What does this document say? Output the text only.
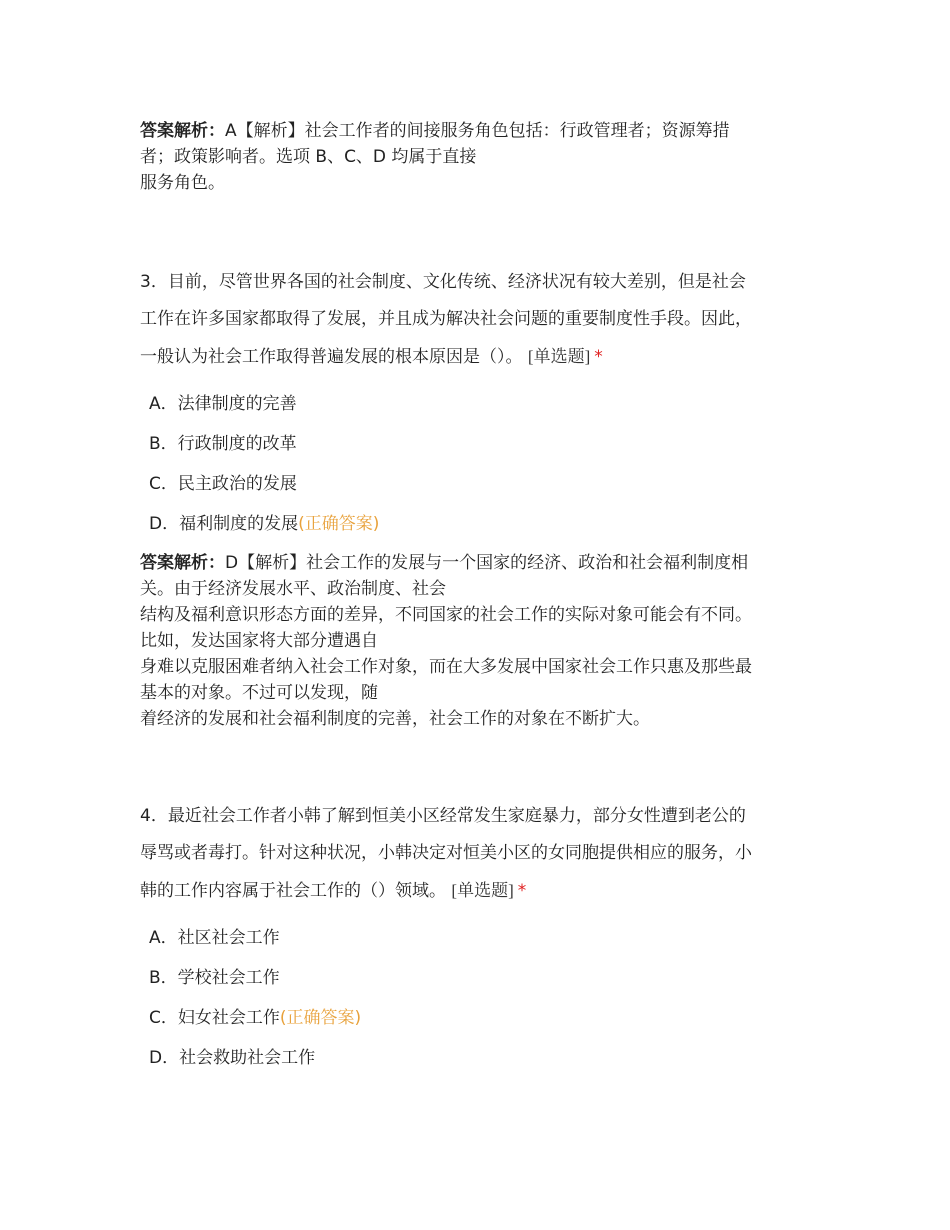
答案解析：A【解析】社会工作者的间接服务角色包括：行政管理者；资源筹措
者；政策影响者。选项 B、C、D 均属于直接
服务角色。
3．目前，尽管世界各国的社会制度、文化传统、经济状况有较大差别，但是社会
工作在许多国家都取得了发展，并且成为解决社会问题的重要制度性手段。因此，
一般认为社会工作取得普遍发展的根本原因是（）。 [单选题] *
A．法律制度的完善
B．行政制度的改革
C．民主政治的发展
D．福利制度的发展(正确答案)
答案解析：D【解析】社会工作的发展与一个国家的经济、政治和社会福利制度相
关。由于经济发展水平、政治制度、社会
结构及福利意识形态方面的差异，不同国家的社会工作的实际对象可能会有不同。
比如，发达国家将大部分遭遇自
身难以克服困难者纳入社会工作对象，而在大多发展中国家社会工作只惠及那些最
基本的对象。不过可以发现，随
着经济的发展和社会福利制度的完善，社会工作的对象在不断扩大。
4．最近社会工作者小韩了解到恒美小区经常发生家庭暴力，部分女性遭到老公的
辱骂或者毒打。针对这种状况，小韩决定对恒美小区的女同胞提供相应的服务，小
韩的工作内容属于社会工作的（）领域。 [单选题] *
A．社区社会工作
B．学校社会工作
C．妇女社会工作(正确答案)
D．社会救助社会工作
